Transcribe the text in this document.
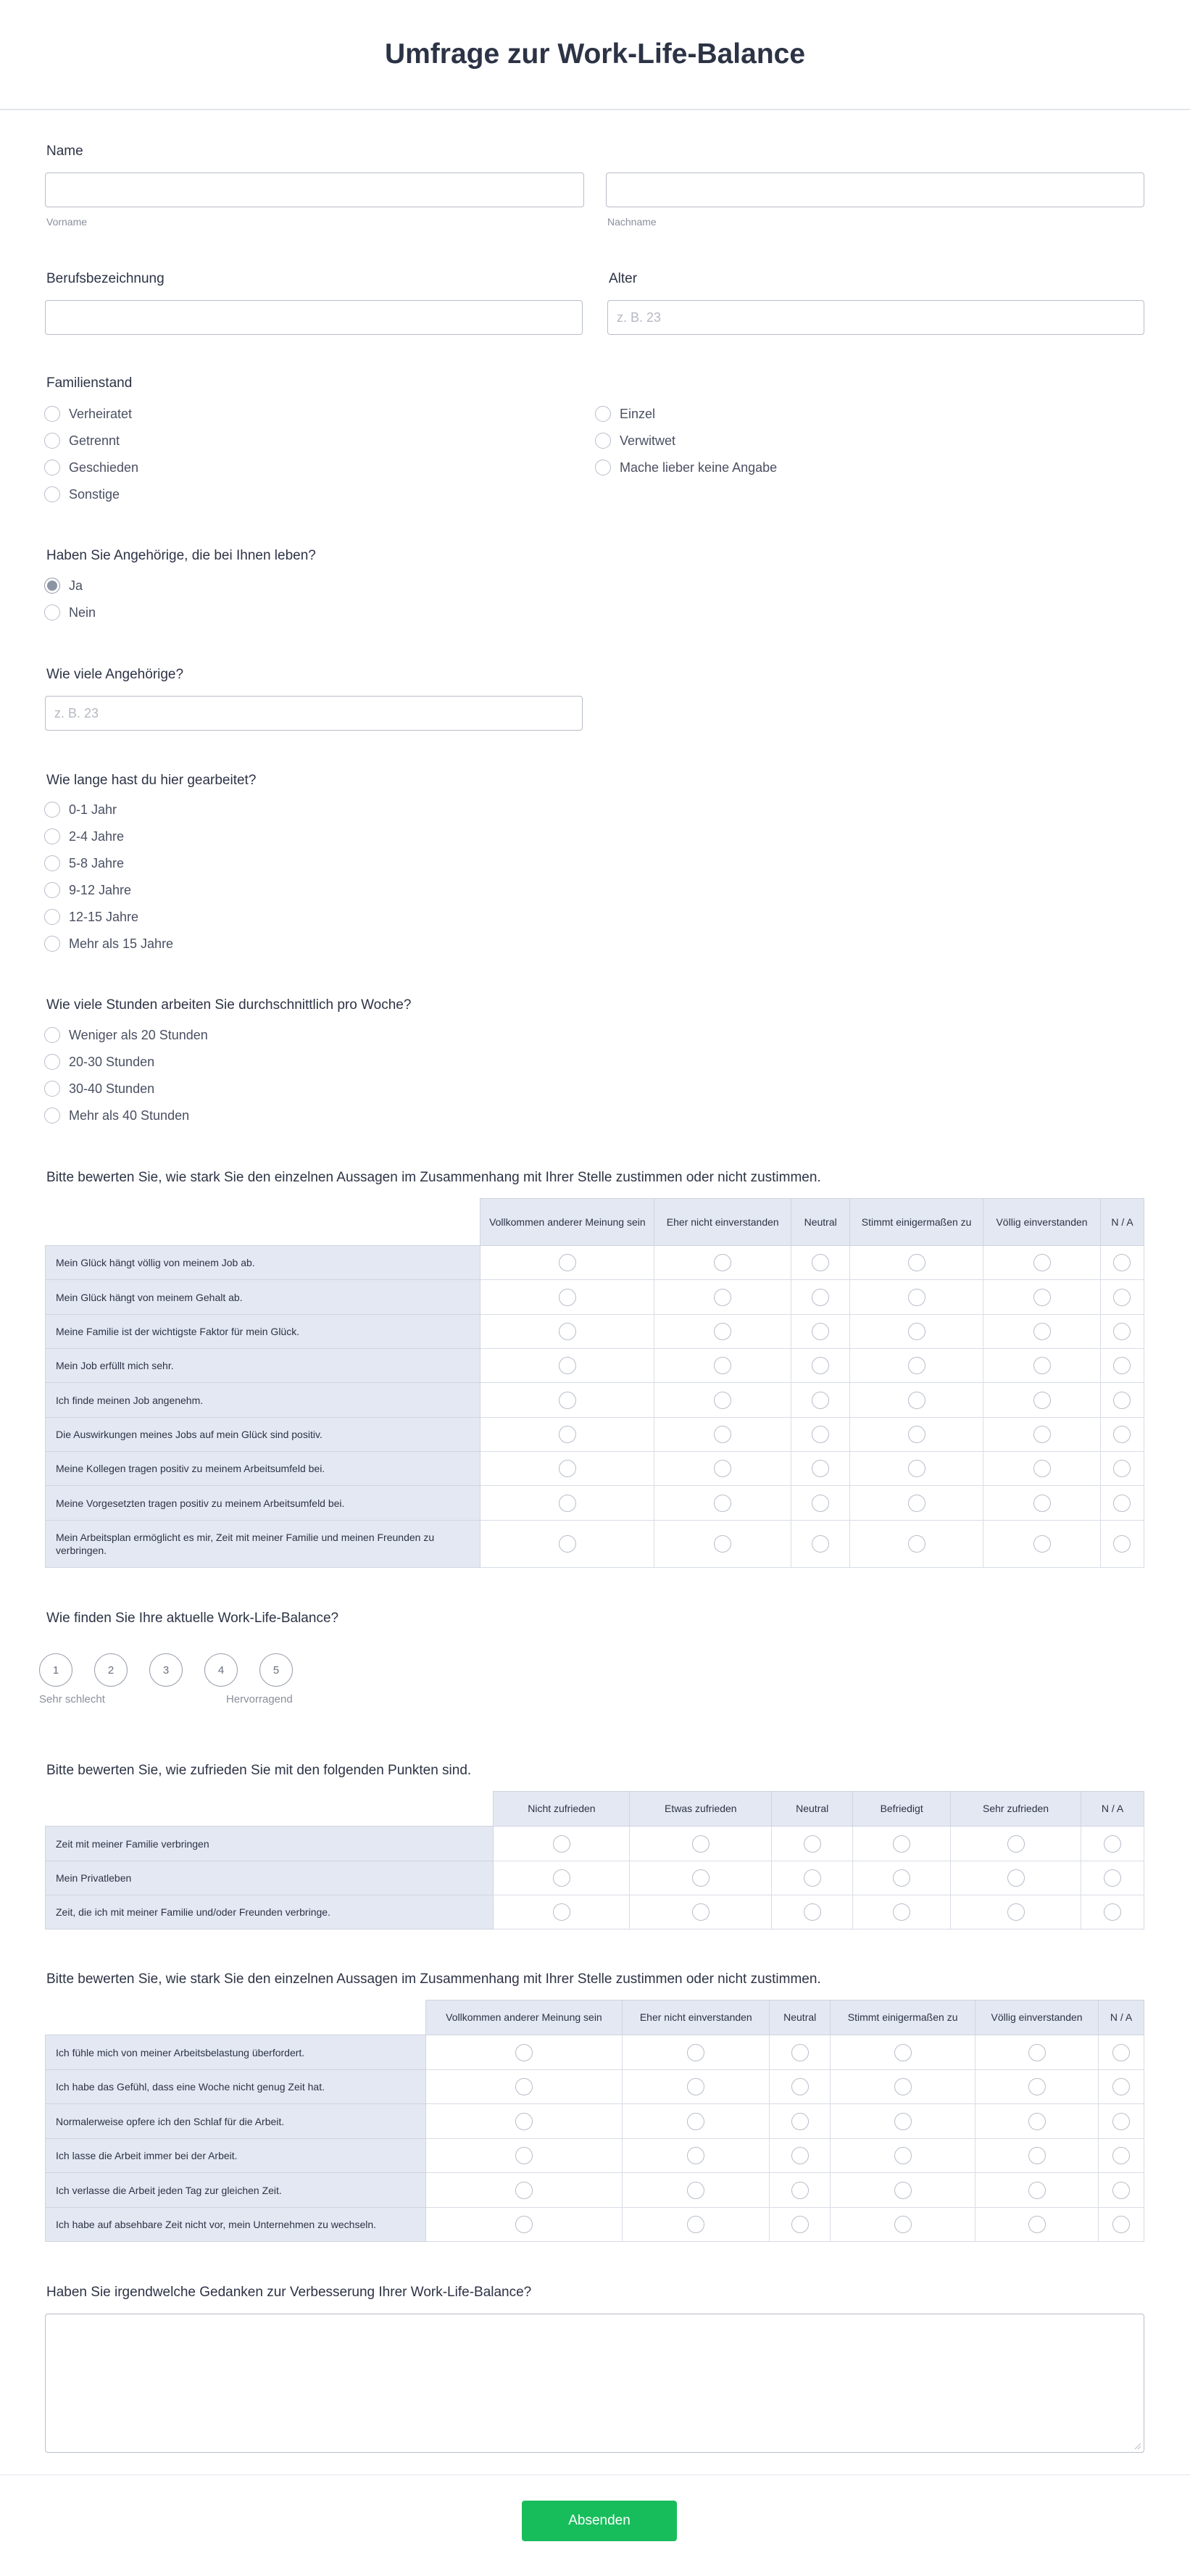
Umfrage zur Work-Life-Balance
Name
Vorname	Nachname
Berufsbezeichnung	Alter
z. B. 23
Familienstand
Verheiratet
Getrennt
Geschieden
Sonstige
Einzel
Verwitwet
Mache lieber keine Angabe
Haben Sie Angehörige, die bei Ihnen leben?
Ja
Nein
Wie viele Angehörige?
z. B. 23
Wie lange hast du hier gearbeitet?
0-1 Jahr
2-4 Jahre
5-8 Jahre
9-12 Jahre
12-15 Jahre
Mehr als 15 Jahre
Wie viele Stunden arbeiten Sie durchschnittlich pro Woche?
Weniger als 20 Stunden
20-30 Stunden
30-40 Stunden
Mehr als 40 Stunden
Bitte bewerten Sie, wie stark Sie den einzelnen Aussagen im Zusammenhang mit Ihrer Stelle zustimmen oder nicht zustimmen.
	Vollkommen anderer Meinung sein	Eher nicht einverstanden	Neutral	Stimmt einigermaßen zu	Völlig einverstanden	N / A
Mein Glück hängt völlig von meinem Job ab.						
Mein Glück hängt von meinem Gehalt ab.						
Meine Familie ist der wichtigste Faktor für mein Glück.						
Mein Job erfüllt mich sehr.						
Ich finde meinen Job angenehm.						
Die Auswirkungen meines Jobs auf mein Glück sind positiv.						
Meine Kollegen tragen positiv zu meinem Arbeitsumfeld bei.						
Meine Vorgesetzten tragen positiv zu meinem Arbeitsumfeld bei.						
Mein Arbeitsplan ermöglicht es mir, Zeit mit meiner Familie und meinen Freunden zu verbringen.						
Wie finden Sie Ihre aktuelle Work-Life-Balance?
1	2	3	4	5
Sehr schlecht	Hervorragend
Bitte bewerten Sie, wie zufrieden Sie mit den folgenden Punkten sind.
	Nicht zufrieden	Etwas zufrieden	Neutral	Befriedigt	Sehr zufrieden	N / A
Zeit mit meiner Familie verbringen						
Mein Privatleben						
Zeit, die ich mit meiner Familie und/oder Freunden verbringe.						
Bitte bewerten Sie, wie stark Sie den einzelnen Aussagen im Zusammenhang mit Ihrer Stelle zustimmen oder nicht zustimmen.
	Vollkommen anderer Meinung sein	Eher nicht einverstanden	Neutral	Stimmt einigermaßen zu	Völlig einverstanden	N / A
Ich fühle mich von meiner Arbeitsbelastung überfordert.						
Ich habe das Gefühl, dass eine Woche nicht genug Zeit hat.						
Normalerweise opfere ich den Schlaf für die Arbeit.						
Ich lasse die Arbeit immer bei der Arbeit.						
Ich verlasse die Arbeit jeden Tag zur gleichen Zeit.						
Ich habe auf absehbare Zeit nicht vor, mein Unternehmen zu wechseln.						
Haben Sie irgendwelche Gedanken zur Verbesserung Ihrer Work-Life-Balance?
Absenden
